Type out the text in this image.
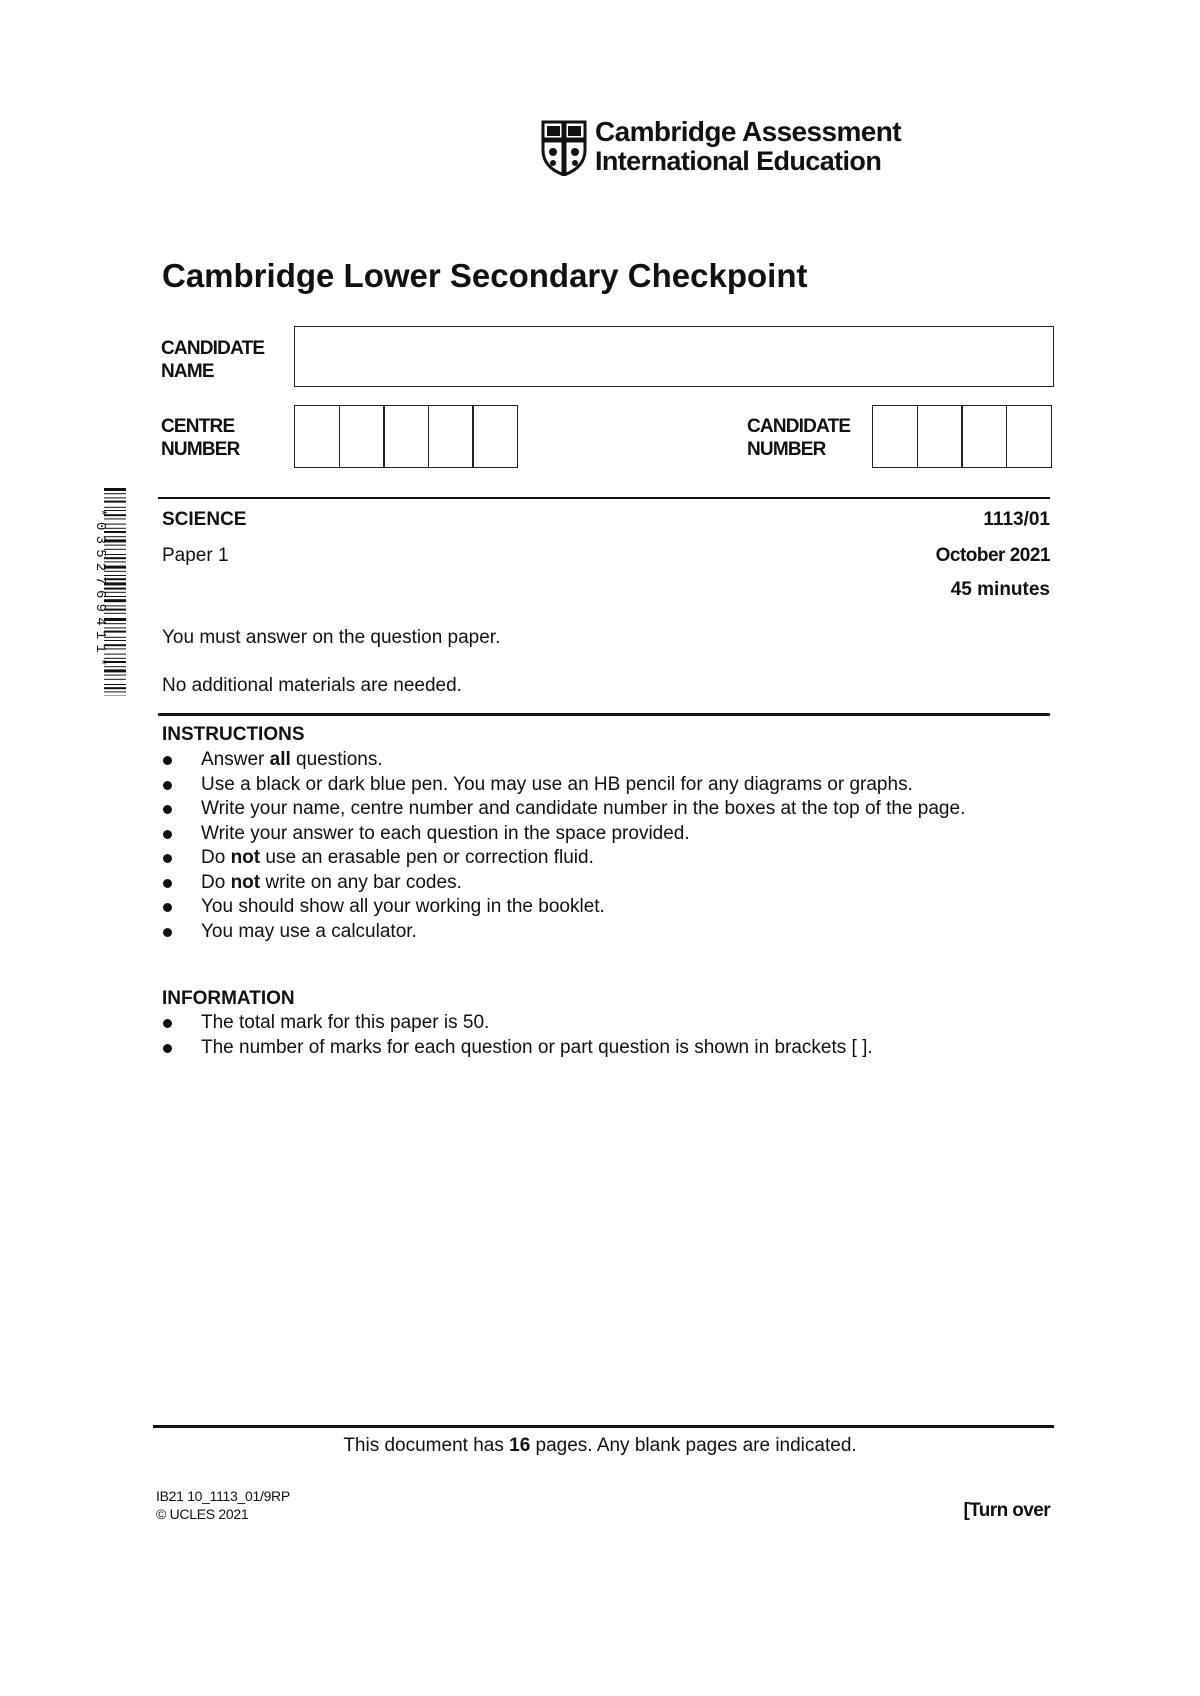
Cambridge Assessment
International Education
Cambridge Lower Secondary Checkpoint
CANDIDATE
NAME
CENTRE
NUMBER
CANDIDATE
NUMBER
*0352769411*	SCIENCE	1113/01
Paper 1	October 2021
45 minutes
You must answer on the question paper.
No additional materials are needed.
INSTRUCTIONS
Answer all questions.
Use a black or dark blue pen. You may use an HB pencil for any diagrams or graphs.
Write your name, centre number and candidate number in the boxes at the top of the page.
Write your answer to each question in the space provided.
Do not use an erasable pen or correction fluid.
Do not write on any bar codes.
You should show all your working in the booklet.
You may use a calculator.
INFORMATION
The total mark for this paper is 50.
The number of marks for each question or part question is shown in brackets [ ].
This document has 16 pages. Any blank pages are indicated.
IB21 10_1113_01/9RP
© UCLES 2021	[Turn over
